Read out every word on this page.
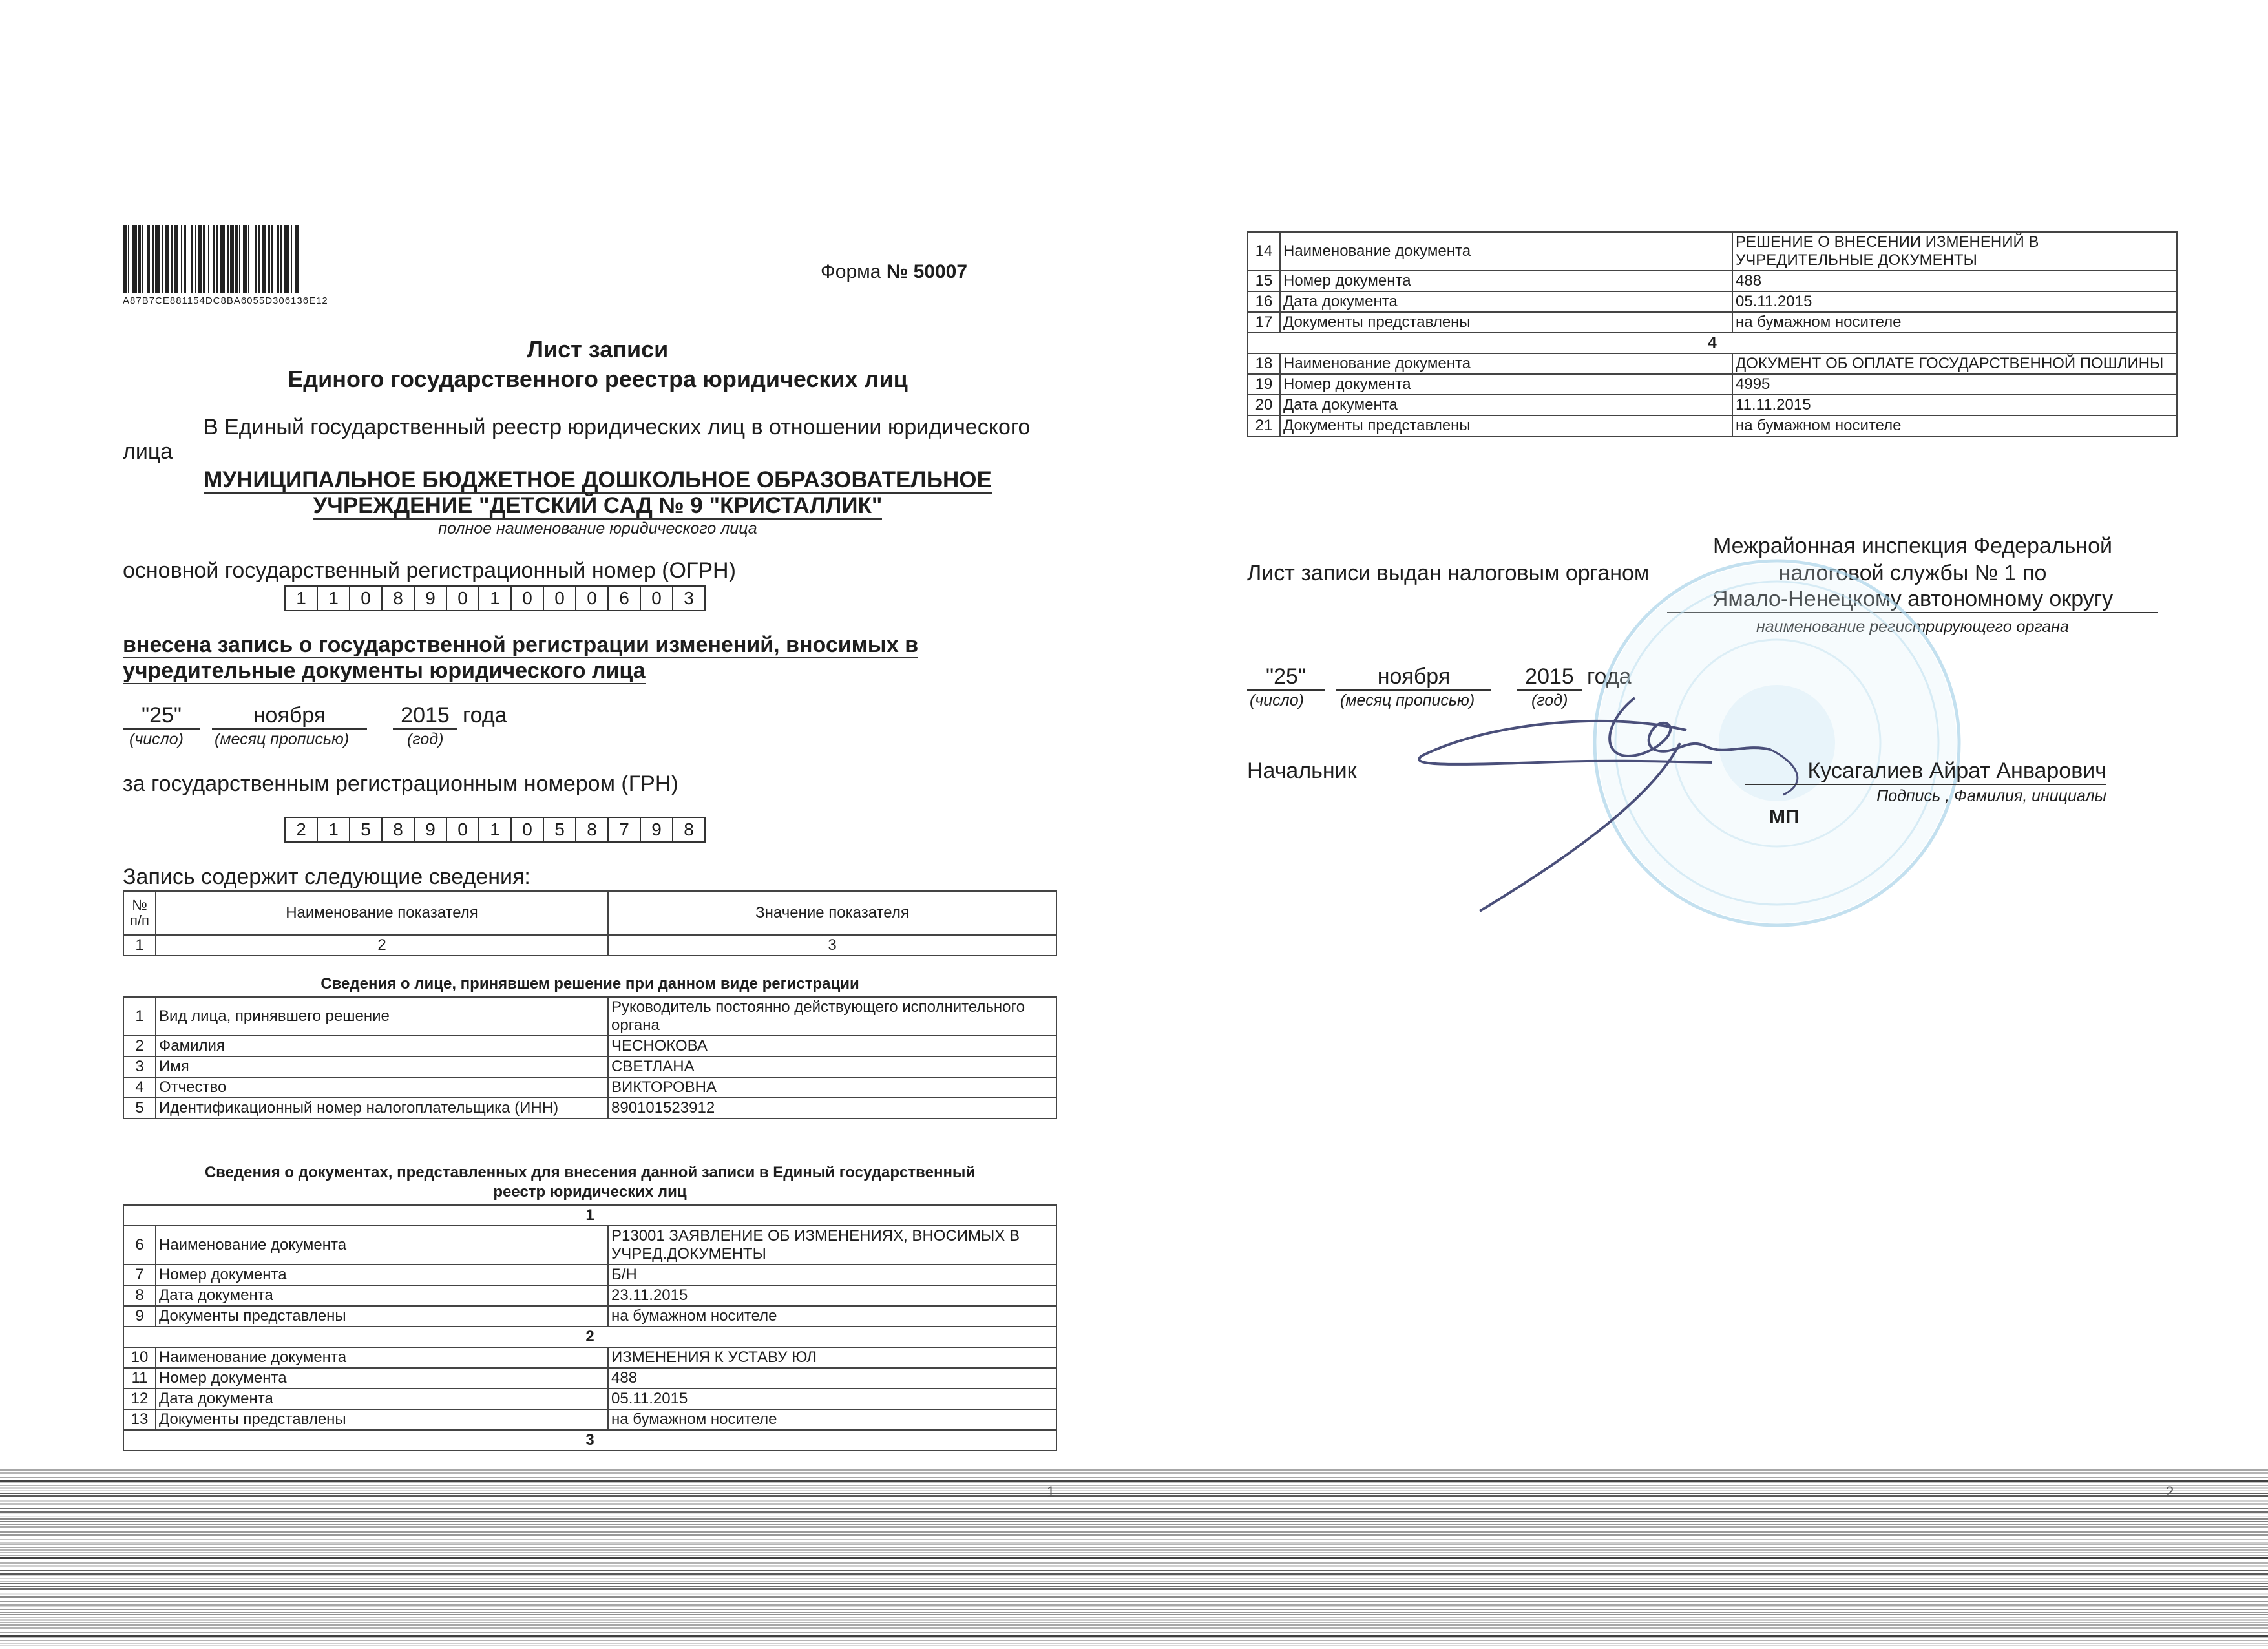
A87B7CE881154DC8BA6055D306136E12
Форма № 50007
Лист записи
Единого государственного реестра юридических лиц
В Единый государственный реестр юридических лиц в отношении юридического
лица
МУНИЦИПАЛЬНОЕ БЮДЖЕТНОЕ ДОШКОЛЬНОЕ ОБРАЗОВАТЕЛЬНОЕ
УЧРЕЖДЕНИЕ "ДЕТСКИЙ САД № 9 "КРИСТАЛЛИК"
полное наименование юридического лица
основной государственный регистрационный номер (ОГРН)
1	1	0	8	9	0	1	0	0	0	6	0	3
внесена запись о государственной регистрации изменений, вносимых в
учредительные документы юридического лица
"25"	ноября	2015 года
(число) (месяц прописью)	(год)
за государственным регистрационным номером (ГРН)
2	1	5	8	9	0	1	0	5	8	7	9	8
Запись содержит следующие сведения:
№ п/п	Наименование показателя	Значение показателя
1	2	3
Сведения о лице, принявшем решение при данном виде регистрации
1	Вид лица, принявшего решение	Руководитель постоянно действующего исполнительного органа
2	Фамилия	ЧЕСНОКОВА
3	Имя	СВЕТЛАНА
4	Отчество	ВИКТОРОВНА
5	Идентификационный номер налогоплательщика (ИНН)	890101523912
Сведения о документах, представленных для внесения данной записи в Единый государственный
реестр юридических лиц
1		
6	Наименование документа	Р13001 ЗАЯВЛЕНИЕ ОБ ИЗМЕНЕНИЯХ, ВНОСИМЫХ В УЧРЕД.ДОКУМЕНТЫ
7	Номер документа	Б/Н
8	Дата документа	23.11.2015
9	Документы представлены	на бумажном носителе
2		
10	Наименование документа	ИЗМЕНЕНИЯ К УСТАВУ ЮЛ
11	Номер документа	488
12	Дата документа	05.11.2015
13	Документы представлены	на бумажном носителе
3		
14	Наименование документа	РЕШЕНИЕ О ВНЕСЕНИИ ИЗМЕНЕНИЙ В УЧРЕДИТЕЛЬНЫЕ ДОКУМЕНТЫ
15	Номер документа	488
16	Дата документа	05.11.2015
17	Документы представлены	на бумажном носителе
4		
18	Наименование документа	ДОКУМЕНТ ОБ ОПЛАТЕ ГОСУДАРСТВЕННОЙ ПОШЛИНЫ
19	Номер документа	4995
20	Дата документа	11.11.2015
21	Документы представлены	на бумажном носителе
Лист записи выдан налоговым органом
Межрайонная инспекция Федеральной
налоговой службы № 1 по
Ямало-Ненецкому автономному округу
наименование регистрирующего органа
"25"	ноября	2015 года
(число) (месяц прописью)	(год)
Начальник	Кусагалиев Айрат Анварович
Подпись , Фамилия, инициалы
МП
1	2
